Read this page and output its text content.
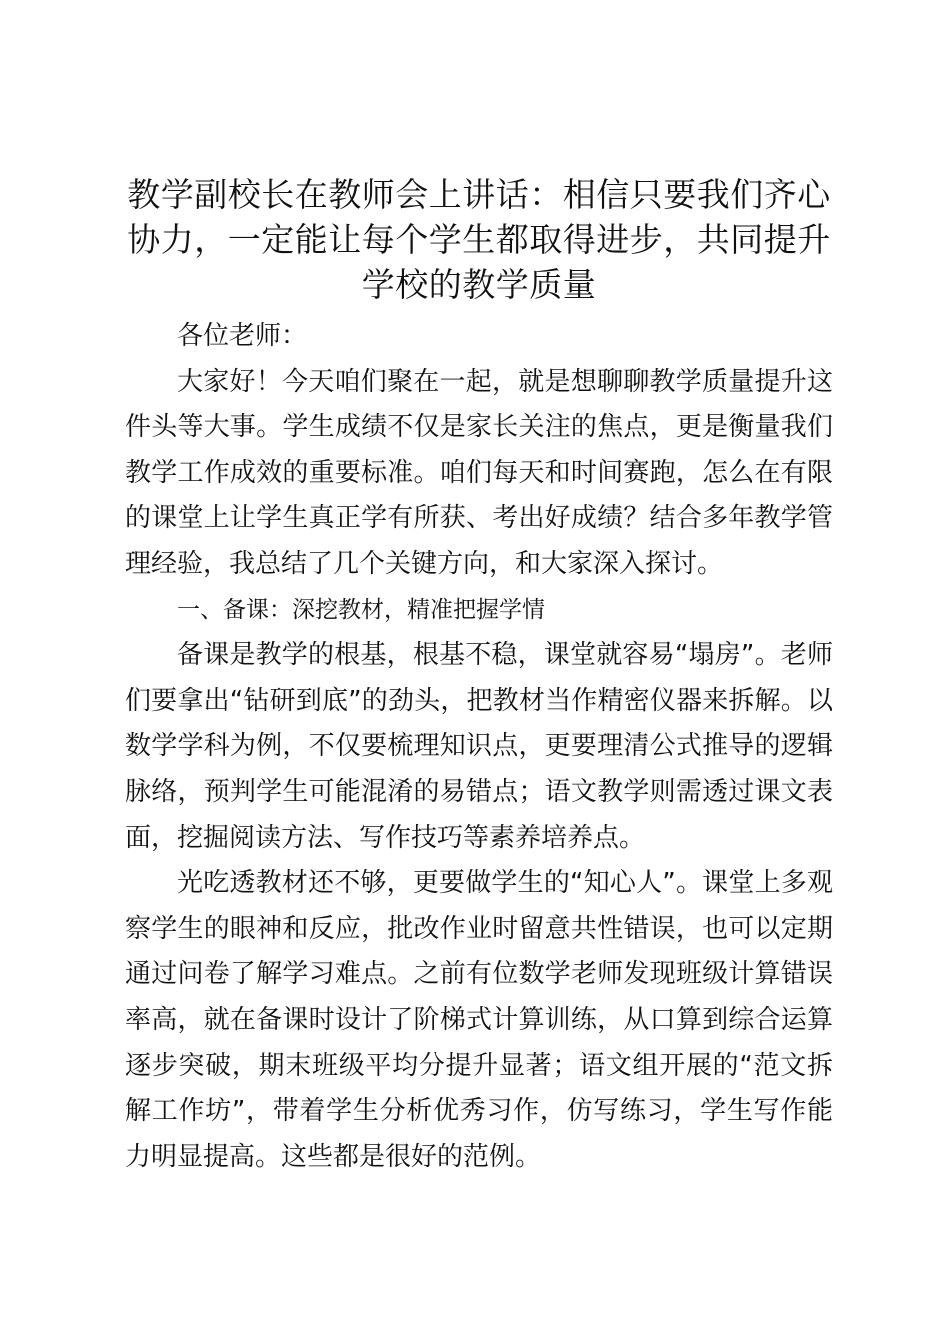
教学副校长在教师会上讲话：相信只要我们齐心协力，一定能让每个学生都取得进步，共同提升学校的教学质量

各位老师：

大家好！今天咱们聚在一起，就是想聊聊教学质量提升这件头等大事。学生成绩不仅是家长关注的焦点，更是衡量我们教学工作成效的重要标准。咱们每天和时间赛跑，怎么在有限的课堂上让学生真正学有所获、考出好成绩？结合多年教学管理经验，我总结了几个关键方向，和大家深入探讨。

一、备课：深挖教材，精准把握学情

备课是教学的根基，根基不稳，课堂就容易“塌房”。老师们要拿出“钻研到底”的劲头，把教材当作精密仪器来拆解。以数学学科为例，不仅要梳理知识点，更要理清公式推导的逻辑脉络，预判学生可能混淆的易错点；语文教学则需透过课文表面，挖掘阅读方法、写作技巧等素养培养点。

光吃透教材还不够，更要做学生的“知心人”。课堂上多观察学生的眼神和反应，批改作业时留意共性错误，也可以定期通过问卷了解学习难点。之前有位数学老师发现班级计算错误率高，就在备课时设计了阶梯式计算训练，从口算到综合运算逐步突破，期末班级平均分提升显著；语文组开展的“范文拆解工作坊”，带着学生分析优秀习作，仿写练习，学生写作能力明显提高。这些都是很好的范例。
